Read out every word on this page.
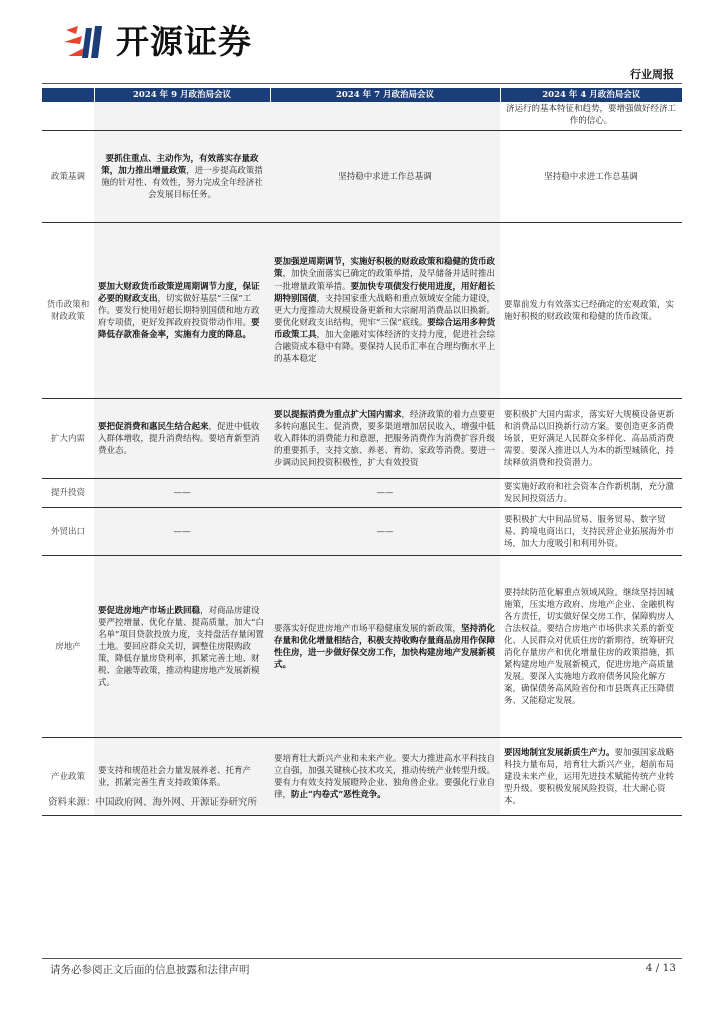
开源证券
行业周报
	2024 年 9 月政治局会议	2024 年 7 月政治局会议	2024 年 4 月政治局会议
			济运行的基本特征和趋势，要增强做好经济工作的信心。
政策基调	要抓住重点、主动作为，有效落实存量政策，加力推出增量政策，进一步提高政策措施的针对性、有效性，努力完成全年经济社会发展目标任务。	坚持稳中求进工作总基调	坚持稳中求进工作总基调
货币政策和财政政策	要加大财政货币政策逆周期调节力度，保证必要的财政支出，切实做好基层“三保”工作。要发行使用好超长期特别国债和地方政府专项债，更好发挥政府投资带动作用。要降低存款准备金率，实施有力度的降息。	要加强逆周期调节，实施好积极的财政政策和稳健的货币政策，加快全面落实已确定的政策举措，及早储备并适时推出一批增量政策举措。要加快专项债发行使用进度，用好超长期特别国债，支持国家重大战略和重点领域安全能力建设，更大力度推动大规模设备更新和大宗耐用消费品以旧换新。要优化财政支出结构，兜牢“三保”底线。要综合运用多种货币政策工具，加大金融对实体经济的支持力度，促进社会综合融资成本稳中有降。要保持人民币汇率在合理均衡水平上的基本稳定	要靠前发力有效落实已经确定的宏观政策，实施好积极的财政政策和稳健的货币政策。
扩大内需	要把促消费和惠民生结合起来，促进中低收入群体增收，提升消费结构。要培育新型消费业态。	要以提振消费为重点扩大国内需求，经济政策的着力点要更多转向惠民生、促消费，要多渠道增加居民收入，增强中低收入群体的消费能力和意愿，把服务消费作为消费扩容升级的重要抓手，支持文旅、养老、育幼、家政等消费。要进一步调动民间投资积极性，扩大有效投资	要积极扩大国内需求，落实好大规模设备更新和消费品以旧换新行动方案。要创造更多消费场景，更好满足人民群众多样化、高品质消费需要。要深入推进以人为本的新型城镇化，持续释放消费和投资潜力。
提升投资	——	——	要实施好政府和社会资本合作新机制，充分激发民间投资活力。
外贸出口	——	——	要积极扩大中间品贸易、服务贸易、数字贸易、跨境电商出口，支持民营企业拓展海外市场，加大力度吸引和利用外资。
房地产	要促进房地产市场止跌回稳，对商品房建设要严控增量、优化存量、提高质量，加大“白名单”项目贷款投放力度，支持盘活存量闲置土地。要回应群众关切，调整住房限购政策，降低存量房贷利率，抓紧完善土地、财税、金融等政策，推动构建房地产发展新模式。	要落实好促进房地产市场平稳健康发展的新政策，坚持消化存量和优化增量相结合，积极支持收购存量商品房用作保障性住房，进一步做好保交房工作，加快构建房地产发展新模式。	要持续防范化解重点领域风险。继续坚持因城施策，压实地方政府、房地产企业、金融机构各方责任，切实做好保交房工作，保障购房人合法权益。要结合房地产市场供求关系的新变化、人民群众对优质住房的新期待，统筹研究消化存量房产和优化增量住房的政策措施，抓紧构建房地产发展新模式，促进房地产高质量发展。要深入实施地方政府债务风险化解方案，确保债务高风险省份和市县既真正压降债务、又能稳定发展。
产业政策	要支持和规范社会力量发展养老、托育产业，抓紧完善生育支持政策体系。	要培育壮大新兴产业和未来产业。要大力推进高水平科技自立自强，加强关键核心技术攻关，推动传统产业转型升级。要有力有效支持发展瞪羚企业、独角兽企业。要强化行业自律，防止“内卷式”恶性竞争。	要因地制宜发展新质生产力。要加强国家战略科技力量布局，培育壮大新兴产业，超前布局建设未来产业，运用先进技术赋能传统产业转型升级。要积极发展风险投资，壮大耐心资本。
资料来源：中国政府网、海外网、开源证券研究所
请务必参阅正文后面的信息披露和法律声明	4 / 13
